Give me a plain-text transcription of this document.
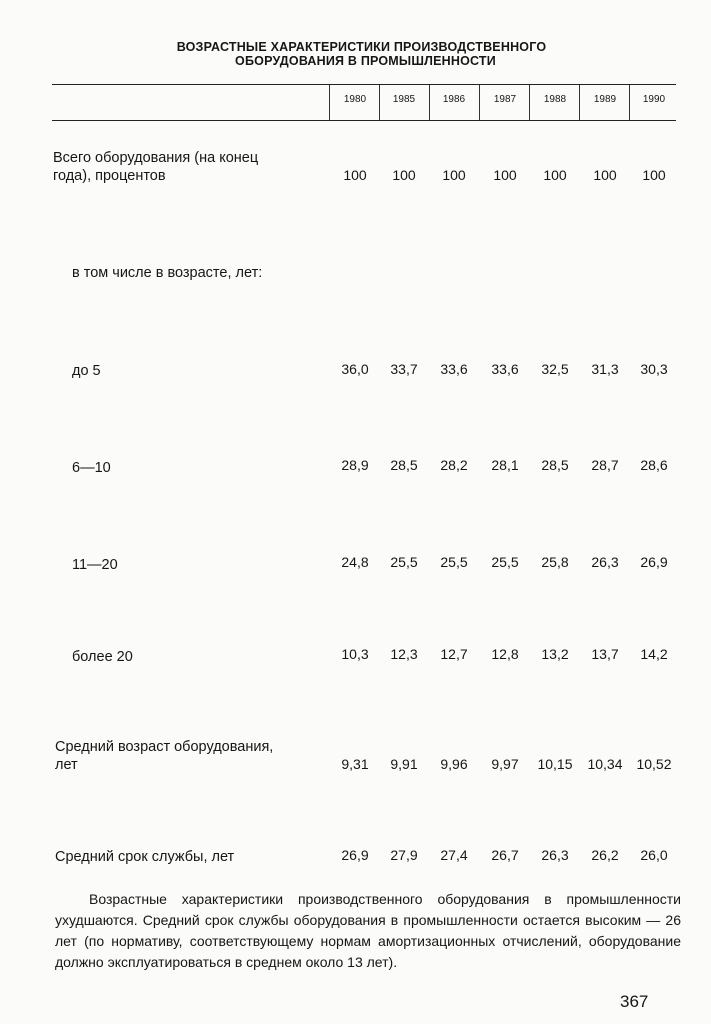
ВОЗРАСТНЫЕ ХАРАКТЕРИСТИКИ ПРОИЗВОДСТВЕННОГО
ОБОРУДОВАНИЯ В ПРОМЫШЛЕННОСТИ
1980	1985	1986	1987	1988	1989	1990
Всего оборудования (на конец
года), процентов	100	100	100	100	100	100	100
в том числе в возрасте, лет:
до 5	36,0	33,7	33,6	33,6	32,5	31,3	30,3
6—10	28,9	28,5	28,2	28,1	28,5	28,7	28,6
11—20	24,8	25,5	25,5	25,5	25,8	26,3	26,9
более 20	10,3	12,3	12,7	12,8	13,2	13,7	14,2
Средний возраст оборудования,
лет	9,31	9,91	9,96	9,97	10,15	10,34 10,52
Средний срок службы, лет	26,9	27,9	27,4	26,7	26,3	26,2	26,0
Возрастные характеристики производственного оборудования в промышленности ухудшаются. Средний срок службы оборудования в промышленности остается высоким — 26 лет (по нормативу, соответствующему нормам амортизационных отчислений, оборудование должно эксплуатироваться в среднем около 13 лет).
367
